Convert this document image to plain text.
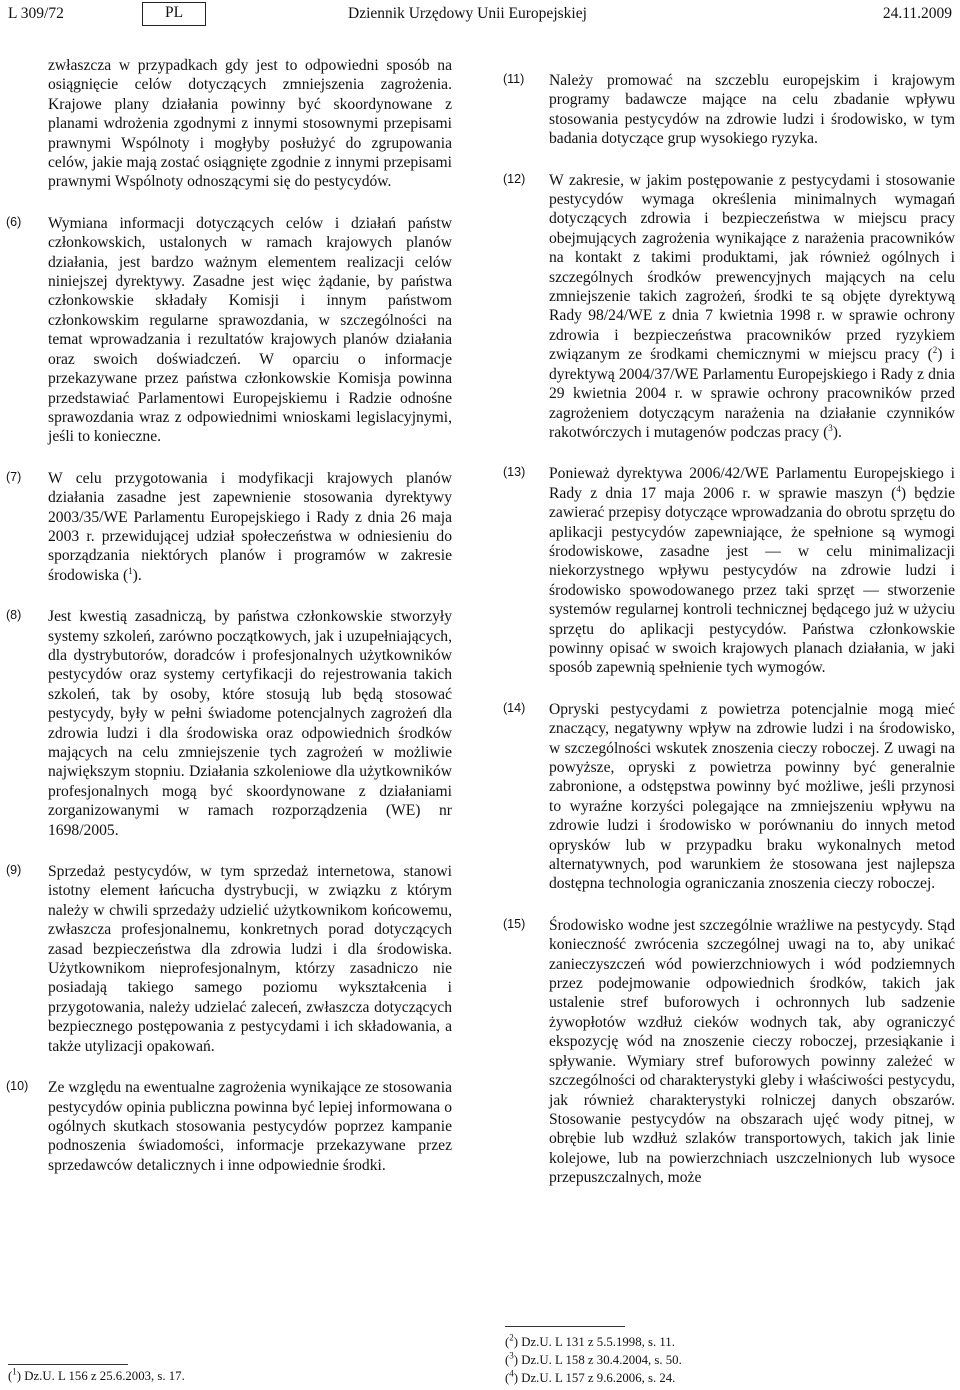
L 309/72	PL	Dziennik Urzędowy Unii Europejskiej	24.11.2009

zwłaszcza w przypadkach gdy jest to odpowiedni sposób na osiągnięcie celów dotyczących zmniejszenia zagrożenia. Krajowe plany działania powinny być skoordynowane z planami wdrożenia zgodnymi z innymi stosownymi przepisami prawnymi Wspólnoty i mogłyby posłużyć do zgrupowania celów, jakie mają zostać osiągnięte zgodnie z innymi przepisami prawnymi Wspólnoty odnoszącymi się do pestycydów.

(6) Wymiana informacji dotyczących celów i działań państw członkowskich, ustalonych w ramach krajowych planów działania, jest bardzo ważnym elementem realizacji celów niniejszej dyrektywy. Zasadne jest więc żądanie, by państwa członkowskie składały Komisji i innym państwom członkowskim regularne sprawozdania, w szczególności na temat wprowadzania i rezultatów krajowych planów działania oraz swoich doświadczeń. W oparciu o informacje przekazywane przez państwa członkowskie Komisja powinna przedstawiać Parlamentowi Europejskiemu i Radzie odnośne sprawozdania wraz z odpowiednimi wnioskami legislacyjnymi, jeśli to konieczne.

(7) W celu przygotowania i modyfikacji krajowych planów działania zasadne jest zapewnienie stosowania dyrektywy 2003/35/WE Parlamentu Europejskiego i Rady z dnia 26 maja 2003 r. przewidującej udział społeczeństwa w odniesieniu do sporządzania niektórych planów i programów w zakresie środowiska ($^1$).

(8) Jest kwestią zasadniczą, by państwa członkowskie stworzyły systemy szkoleń, zarówno początkowych, jak i uzupełniających, dla dystrybutorów, doradców i profesjonalnych użytkowników pestycydów oraz systemy certyfikacji do rejestrowania takich szkoleń, tak by osoby, które stosują lub będą stosować pestycydy, były w pełni świadome potencjalnych zagrożeń dla zdrowia ludzi i dla środowiska oraz odpowiednich środków mających na celu zmniejszenie tych zagrożeń w możliwie największym stopniu. Działania szkoleniowe dla użytkowników profesjonalnych mogą być skoordynowane z działaniami zorganizowanymi w ramach rozporządzenia (WE) nr 1698/2005.

(9) Sprzedaż pestycydów, w tym sprzedaż internetowa, stanowi istotny element łańcucha dystrybucji, w związku z którym należy w chwili sprzedaży udzielić użytkownikom końcowemu, zwłaszcza profesjonalnemu, konkretnych porad dotyczących zasad bezpieczeństwa dla zdrowia ludzi i dla środowiska. Użytkownikom nieprofesjonalnym, którzy zasadniczo nie posiadają takiego samego poziomu wykształcenia i przygotowania, należy udzielać zaleceń, zwłaszcza dotyczących bezpiecznego postępowania z pestycydami i ich składowania, a także utylizacji opakowań.

(10) Ze względu na ewentualne zagrożenia wynikające ze stosowania pestycydów opinia publiczna powinna być lepiej informowana o ogólnych skutkach stosowania pestycydów poprzez kampanie podnoszenia świadomości, informacje przekazywane przez sprzedawców detalicznych i inne odpowiednie środki.

(11) Należy promować na szczeblu europejskim i krajowym programy badawcze mające na celu zbadanie wpływu stosowania pestycydów na zdrowie ludzi i środowisko, w tym badania dotyczące grup wysokiego ryzyka.

(12) W zakresie, w jakim postępowanie z pestycydami i stosowanie pestycydów wymaga określenia minimalnych wymagań dotyczących zdrowia i bezpieczeństwa w miejscu pracy obejmujących zagrożenia wynikające z narażenia pracowników na kontakt z takimi produktami, jak również ogólnych i szczególnych środków prewencyjnych mających na celu zmniejszenie takich zagrożeń, środki te są objęte dyrektywą Rady 98/24/WE z dnia 7 kwietnia 1998 r. w sprawie ochrony zdrowia i bezpieczeństwa pracowników przed ryzykiem związanym ze środkami chemicznymi w miejscu pracy ($^2$) i dyrektywą 2004/37/WE Parlamentu Europejskiego i Rady z dnia 29 kwietnia 2004 r. w sprawie ochrony pracowników przed zagrożeniem dotyczącym narażenia na działanie czynników rakotwórczych i mutagenów podczas pracy ($^3$).

(13) Ponieważ dyrektywa 2006/42/WE Parlamentu Europejskiego i Rady z dnia 17 maja 2006 r. w sprawie maszyn ($^4$) będzie zawierać przepisy dotyczące wprowadzania do obrotu sprzętu do aplikacji pestycydów zapewniające, że spełnione są wymogi środowiskowe, zasadne jest — w celu minimalizacji niekorzystnego wpływu pestycydów na zdrowie ludzi i środowisko spowodowanego przez taki sprzęt — stworzenie systemów regularnej kontroli technicznej będącego już w użyciu sprzętu do aplikacji pestycydów. Państwa członkowskie powinny opisać w swoich krajowych planach działania, w jaki sposób zapewnią spełnienie tych wymogów.

(14) Opryski pestycydami z powietrza potencjalnie mogą mieć znaczący, negatywny wpływ na zdrowie ludzi i na środowisko, w szczególności wskutek znoszenia cieczy roboczej. Z uwagi na powyższe, opryski z powietrza powinny być generalnie zabronione, a odstępstwa powinny być możliwe, jeśli przynosi to wyraźne korzyści polegające na zmniejszeniu wpływu na zdrowie ludzi i środowisko w porównaniu do innych metod oprysków lub w przypadku braku wykonalnych metod alternatywnych, pod warunkiem że stosowana jest najlepsza dostępna technologia ograniczania znoszenia cieczy roboczej.

(15) Środowisko wodne jest szczególnie wrażliwe na pestycydy. Stąd konieczność zwrócenia szczególnej uwagi na to, aby unikać zanieczyszczeń wód powierzchniowych i wód podziemnych przez podejmowanie odpowiednich środków, takich jak ustalenie stref buforowych i ochronnych lub sadzenie żywopłotów wzdłuż cieków wodnych tak, aby ograniczyć ekspozycję wód na znoszenie cieczy roboczej, przesiąkanie i spływanie. Wymiary stref buforowych powinny zależeć w szczególności od charakterystyki gleby i właściwości pestycydu, jak również charakterystyki rolniczej danych obszarów. Stosowanie pestycydów na obszarach ujęć wody pitnej, w obrębie lub wzdłuż szlaków transportowych, takich jak linie kolejowe, lub na powierzchniach uszczelnionych lub wysoce przepuszczalnych, może

($^1$) Dz.U. L 156 z 25.6.2003, s. 17.
($^2$) Dz.U. L 131 z 5.5.1998, s. 11.
($^3$) Dz.U. L 158 z 30.4.2004, s. 50.
($^4$) Dz.U. L 157 z 9.6.2006, s. 24.
